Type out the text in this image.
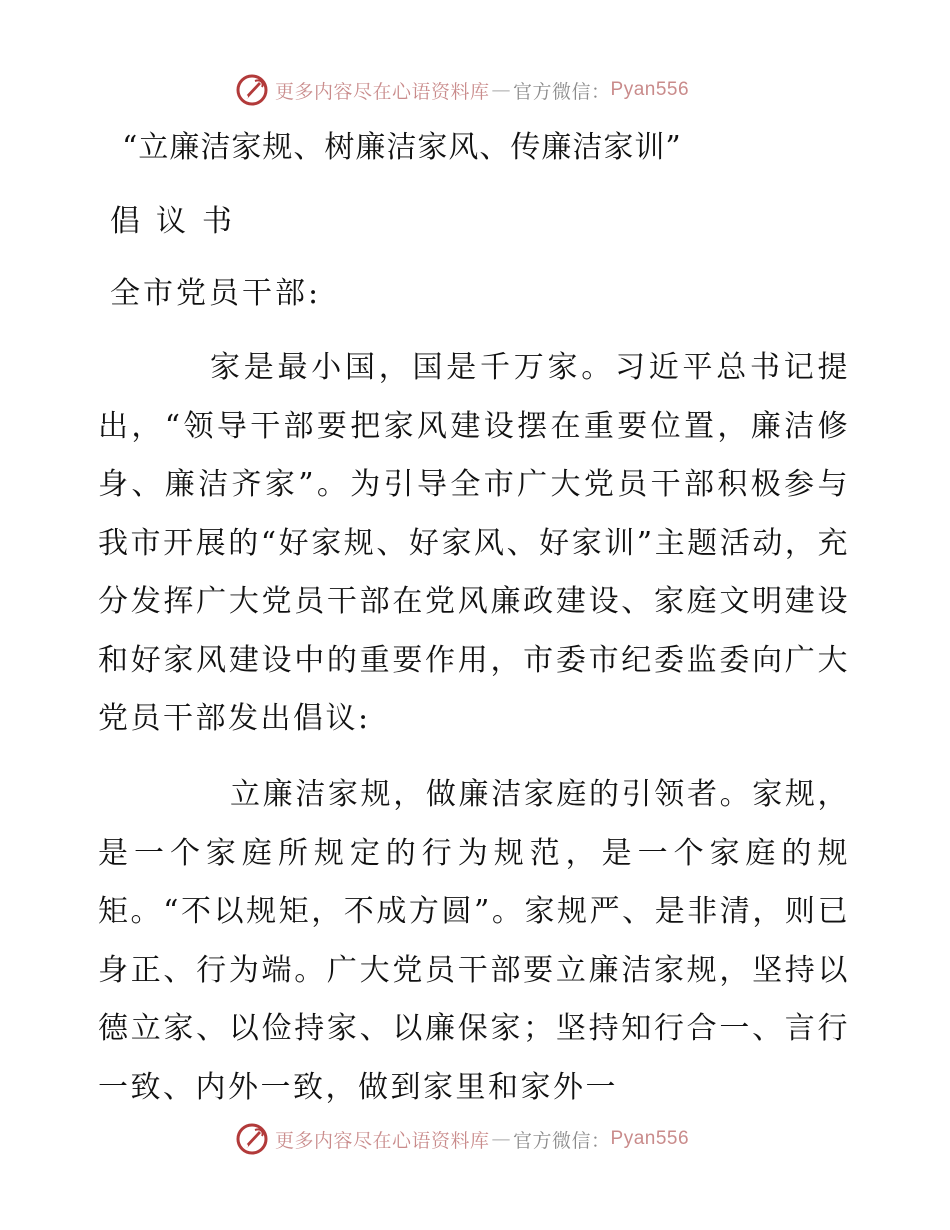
更多内容尽在心语资料库 — 官方微信： Pyan556
“立廉洁家规、树廉洁家风、传廉洁家训”
倡议书
全市党员干部:

家是最小国，国是千万家。习近平总书记提出，“领导干部要把家风建设摆在重要位置，廉洁修身、廉洁齐家”。为引导全市广大党员干部积极参与我市开展的“好家规、好家风、好家训”主题活动，充分发挥广大党员干部在党风廉政建设、家庭文明建设和好家风建设中的重要作用，市委市纪委监委向广大党员干部发出倡议:

立廉洁家规，做廉洁家庭的引领者。家规，是一个家庭所规定的行为规范，是一个家庭的规矩。“不以规矩，不成方圆”。家规严、是非清，则已身正、行为端。广大党员干部要立廉洁家规，坚持以德立家、以俭持家、以廉保家；坚持知行合一、言行一致、内外一致，做到家里和家外一

更多内容尽在心语资料库 — 官方微信： Pyan556
